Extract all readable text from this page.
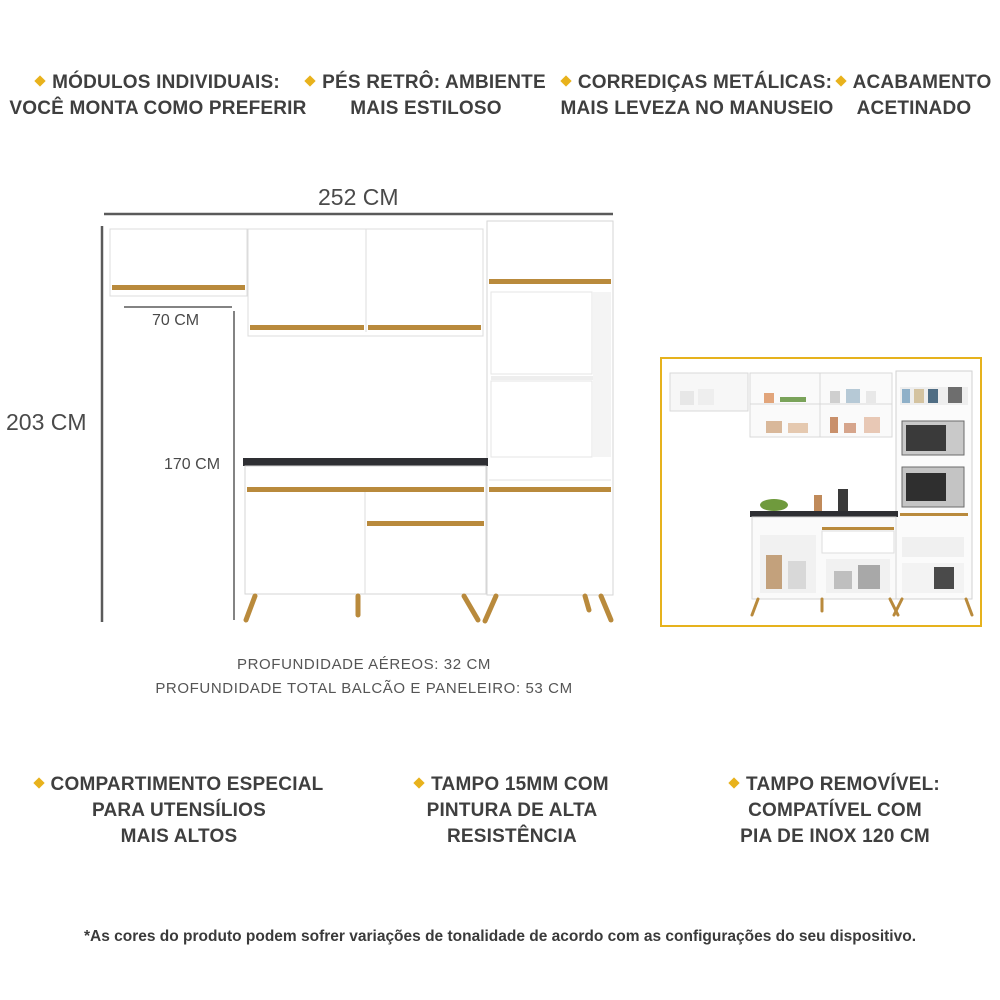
MÓDULOS INDIVIDUAIS:
VOCÊ MONTA COMO PREFERIR
PÉS RETRÔ: AMBIENTE
MAIS ESTILOSO
CORREDIÇAS METÁLICAS:
MAIS LEVEZA NO MANUSEIO
ACABAMENTO
ACETINADO
252 CM
203 CM
70 CM
170 CM
PROFUNDIDADE AÉREOS: 32 CM
PROFUNDIDADE TOTAL BALCÃO E PANELEIRO: 53 CM
COMPARTIMENTO ESPECIAL
PARA UTENSÍLIOS
MAIS ALTOS
TAMPO 15MM COM
PINTURA DE ALTA
RESISTÊNCIA
TAMPO REMOVÍVEL:
COMPATÍVEL COM
PIA DE INOX 120 CM
*As cores do produto podem sofrer variações de tonalidade de acordo com as configurações do seu dispositivo.
